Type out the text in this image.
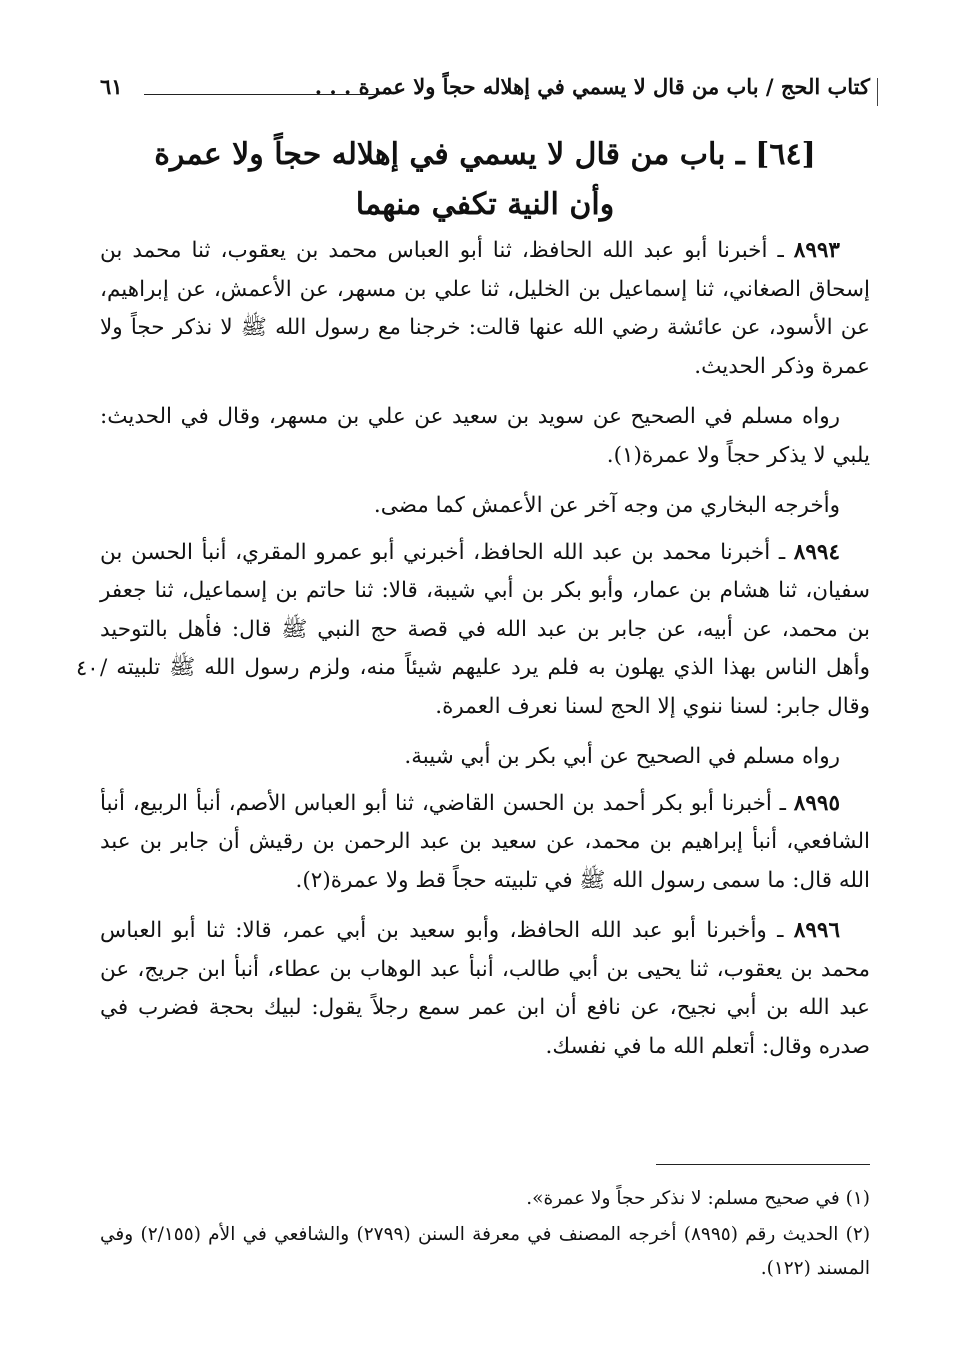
كتاب الحج / باب من قال لا يسمي في إهلاله حجاً ولا عمرة . . .
٦١
[٦٤] ـ باب من قال لا يسمي في إهلاله حجاً ولا عمرة
وأن النية تكفي منهما

٨٩٩٣ ـ أخبرنا أبو عبد الله الحافظ، ثنا أبو العباس محمد بن يعقوب، ثنا محمد بن إسحاق الصغاني، ثنا إسماعيل بن الخليل، ثنا علي بن مسهر، عن الأعمش، عن إبراهيم، عن الأسود، عن عائشة رضي الله عنها قالت: خرجنا مع رسول الله ﷺ لا نذكر حجاً ولا عمرة وذكر الحديث.

رواه مسلم في الصحيح عن سويد بن سعيد عن علي بن مسهر، وقال في الحديث: يلبي لا يذكر حجاً ولا عمرة(١).

وأخرجه البخاري من وجه آخر عن الأعمش كما مضى.

٨٩٩٤ ـ أخبرنا محمد بن عبد الله الحافظ، أخبرني أبو عمرو المقري، أنبأ الحسن بن سفيان، ثنا هشام بن عمار، وأبو بكر بن أبي شيبة، قالا: ثنا حاتم بن إسماعيل، ثنا جعفر بن محمد، عن أبيه، عن جابر بن عبد الله في قصة حج النبي ﷺ قال: فأهل بالتوحيد وأهل الناس بهذا الذي يهلون به فلم يرد عليهم شيئاً منه، ولزم رسول الله ﷺ تلبيته / وقال جابر: لسنا ننوي إلا الحج لسنا نعرف العمرة.

رواه مسلم في الصحيح عن أبي بكر بن أبي شيبة.

٨٩٩٥ ـ أخبرنا أبو بكر أحمد بن الحسن القاضي، ثنا أبو العباس الأصم، أنبأ الربيع، أنبأ الشافعي، أنبأ إبراهيم بن محمد، عن سعيد بن عبد الرحمن بن رقيش أن جابر بن عبد الله قال: ما سمى رسول الله ﷺ في تلبيته حجاً قط ولا عمرة(٢).

٨٩٩٦ ـ وأخبرنا أبو عبد الله الحافظ، وأبو سعيد بن أبي عمر، قالا: ثنا أبو العباس محمد بن يعقوب، ثنا يحيى بن أبي طالب، أنبأ عبد الوهاب بن عطاء، أنبأ ابن جريج، عن عبد الله بن أبي نجيح، عن نافع أن ابن عمر سمع رجلاً يقول: لبيك بحجة فضرب في صدره وقال: أتعلم الله ما في نفسك.

٤٠

(١) في صحيح مسلم: لا نذكر حجاً ولا عمرة».

(٢) الحديث رقم (٨٩٩٥) أخرجه المصنف في معرفة السنن (٢٧٩٩) والشافعي في الأم (٢/١٥٥) وفي المسند (١٢٢).
